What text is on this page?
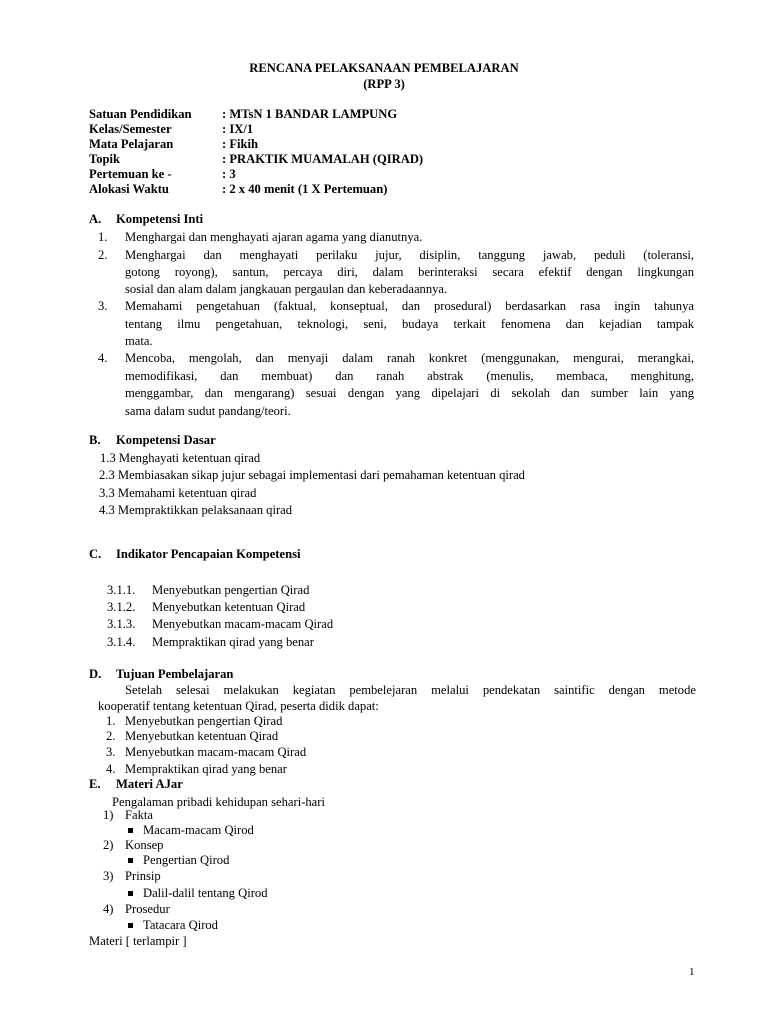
RENCANA PELAKSANAAN PEMBELAJARAN
(RPP 3)
Satuan Pendidikan : MTsN 1 BANDAR LAMPUNG
Kelas/Semester	: IX/1
Mata Pelajaran	: Fikih
Topik	: PRAKTIK MUAMALAH (QIRAD)
Pertemuan ke -	: 3
Alokasi Waktu	: 2 x 40 menit (1 X Pertemuan)
A. Kompetensi Inti
1. Menghargai dan menghayati ajaran agama yang dianutnya.
2. Menghargai dan menghayati perilaku jujur, disiplin, tanggung jawab, peduli (toleransi,
gotong royong), santun, percaya diri, dalam berinteraksi secara efektif dengan lingkungan
sosial dan alam dalam jangkauan pergaulan dan keberadaannya.
3. Memahami pengetahuan (faktual, konseptual, dan prosedural) berdasarkan rasa ingin tahunya
tentang ilmu pengetahuan, teknologi, seni, budaya terkait fenomena dan kejadian tampak
mata.
4. Mencoba, mengolah, dan menyaji dalam ranah konkret (menggunakan, mengurai, merangkai,
memodifikasi, dan membuat) dan ranah abstrak (menulis, membaca, menghitung,
menggambar, dan mengarang) sesuai dengan yang dipelajari di sekolah dan sumber lain yang
sama dalam sudut pandang/teori.
B. Kompetensi Dasar
1.3 Menghayati ketentuan qirad
2.3 Membiasakan sikap jujur sebagai implementasi dari pemahaman ketentuan qirad
3.3 Memahami ketentuan qirad
4.3 Mempraktikkan pelaksanaan qirad
C. Indikator Pencapaian Kompetensi
3.1.1. Menyebutkan pengertian Qirad
3.1.2. Menyebutkan ketentuan Qirad
3.1.3. Menyebutkan macam-macam Qirad
3.1.4. Mempraktikan qirad yang benar
D. Tujuan Pembelajaran
Setelah selesai melakukan kegiatan pembelejaran melalui pendekatan saintific dengan metode
kooperatif tentang ketentuan Qirad, peserta didik dapat:
1. Menyebutkan pengertian Qirad
2. Menyebutkan ketentuan Qirad
3. Menyebutkan macam-macam Qirad
4. Mempraktikan qirad yang benar
E. Materi AJar
Pengalaman pribadi kehidupan sehari-hari
1) Fakta
Macam-macam Qirod
2) Konsep
Pengertian Qirod
3) Prinsip
Dalil-dalil tentang Qirod
4) Prosedur
Tatacara Qirod
Materi [ terlampir ]
1
